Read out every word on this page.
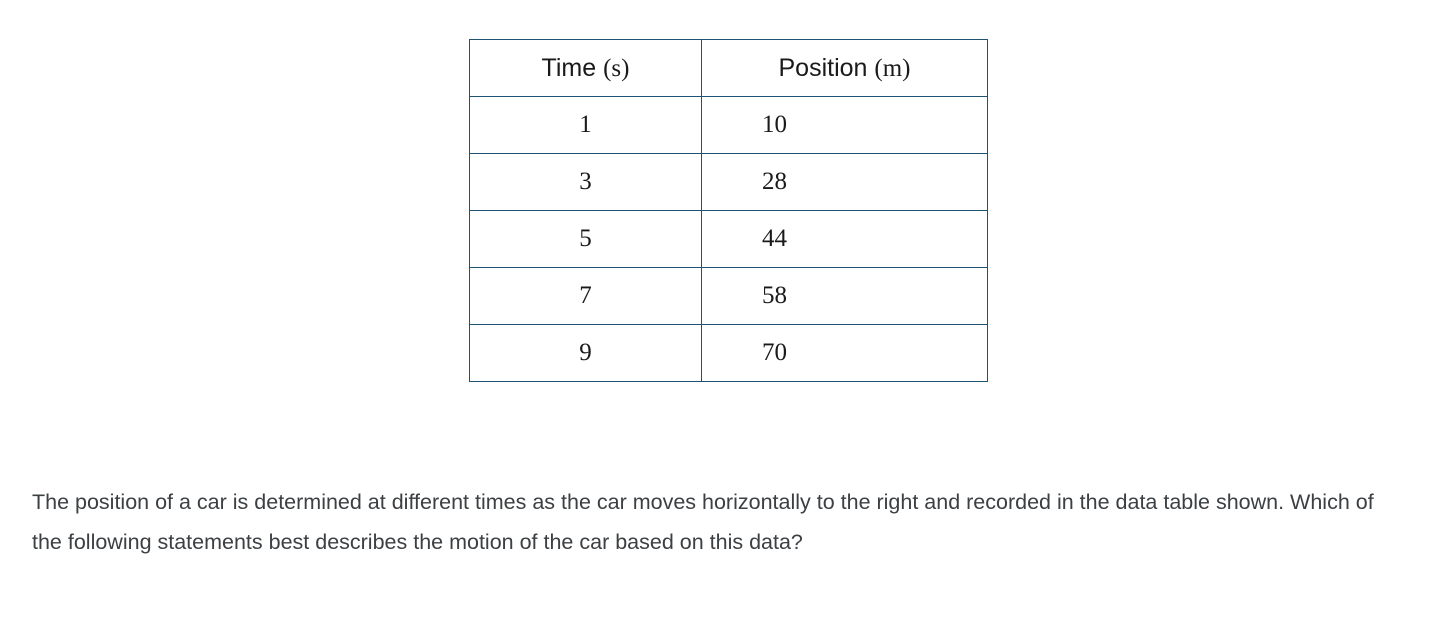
Time (s)	Position (m)
1	10
3	28
5	44
7	58
9	70

The position of a car is determined at different times as the car moves horizontally to the right and recorded in the data table shown. Which of the following statements best describes the motion of the car based on this data?
